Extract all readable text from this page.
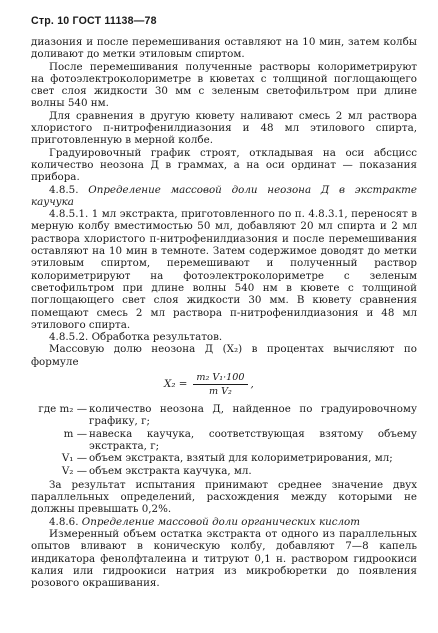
Стр. 10 ГОСТ 11138—78

диазония и после перемешивания оставляют на 10 мин, затем колбы доливают до метки этиловым спиртом.

После перемешивания полученные растворы колориметрируют на фотоэлектроколориметре в кюветах с толщиной поглощающего свет слоя жидкости 30 мм с зеленым светофильтром при длине волны 540 нм.

Для сравнения в другую кювету наливают смесь 2 мл раствора хлористого п-нитрофенилдиазония и 48 мл этилового спирта, приготовленную в мерной колбе.

Градуировочный график строят, откладывая на оси абсцисс количество неозона Д в граммах, а на оси ординат — показания прибора.

4.8.5. Определение массовой доли неозона Д в экстракте каучука

4.8.5.1. 1 мл экстракта, приготовленного по п. 4.8.3.1, переносят в мерную колбу вместимостью 50 мл, добавляют 20 мл спирта и 2 мл раствора хлористого п-нитрофенилдиазония и после перемешивания оставляют на 10 мин в темноте. Затем содержимое доводят до метки этиловым спиртом, перемешивают и полученный раствор колориметрируют на фотоэлектроколориметре с зеленым светофильтром при длине волны 540 нм в кювете с толщиной поглощающего свет слоя жидкости 30 мм. В кювету сравнения помещают смесь 2 мл раствора п-нитрофенилдиазония и 48 мл этилового спирта.

4.8.5.2. Обработка результатов.

Массовую долю неозона Д (X₂) в процентах вычисляют по формуле

$X_2 = \frac{\text{m₂ V₁·100}}{\text{m V₂}}$ ,
где m₂ — количество неозона Д, найденное по градуировочному графику, г;
m — навеска каучука, соответствующая взятому объему экстракта, г;
V₁ — объем экстракта, взятый для колориметрирования, мл;
V₂ — объем экстракта каучука, мл.

За результат испытания принимают среднее значение двух параллельных определений, расхождения между которыми не должны превышать 0,2%.

4.8.6. Определение массовой доли органических кислот

Измеренный объем остатка экстракта от одного из параллельных опытов вливают в коническую колбу, добавляют 7—8 капель индикатора фенолфталеина и титруют 0,1 н. раствором гидроокиси калия или гидроокиси натрия из микробюретки до появления розового окрашивания.
